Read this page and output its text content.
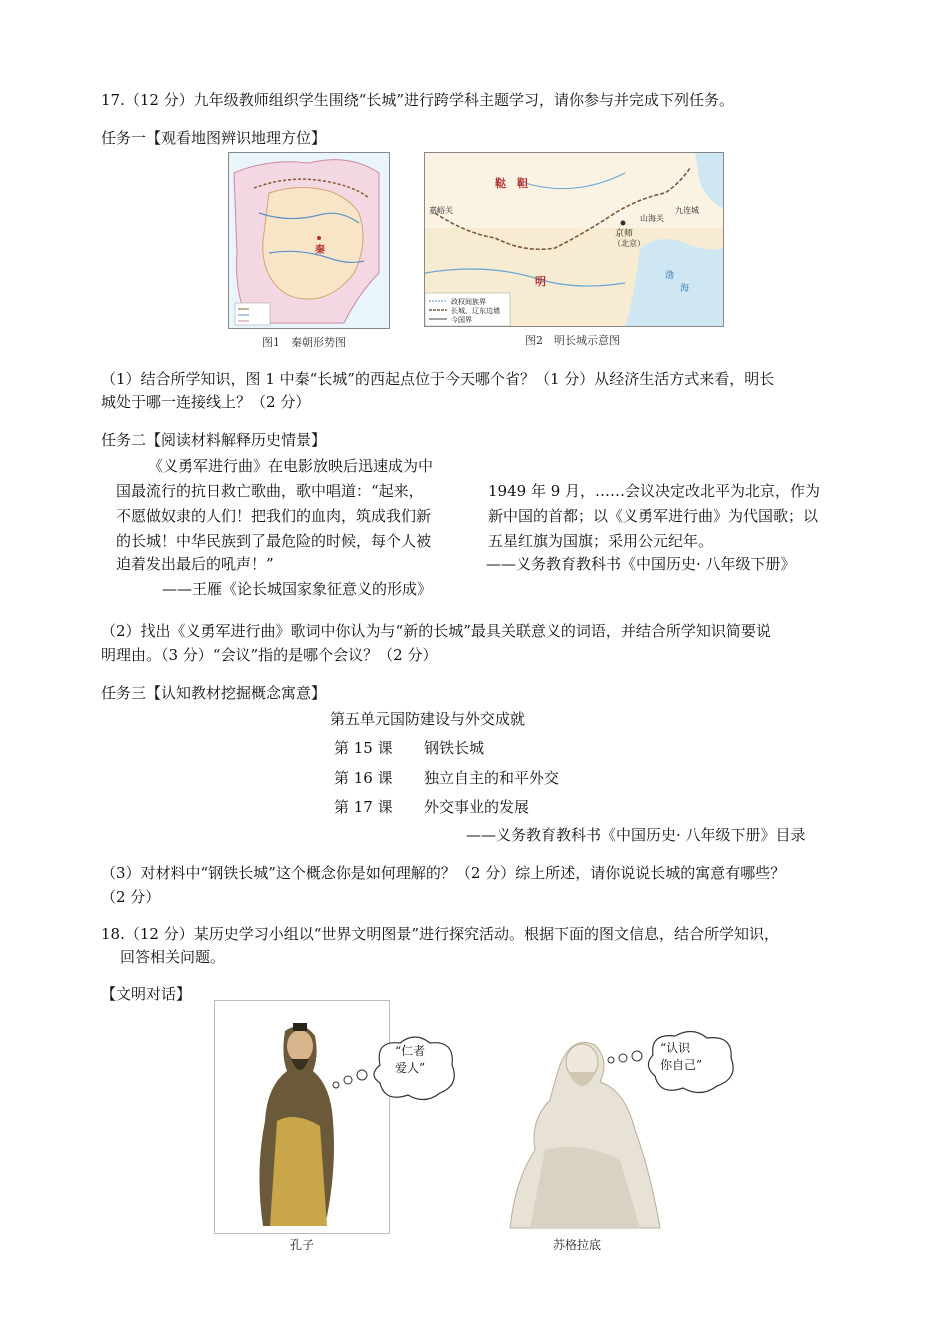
17.（12 分）九年级教师组织学生围绕“长城”进行跨学科主题学习，请你参与并完成下列任务。
任务一【观看地图辨识地理方位】
秦
图1　秦朝形势图
鞑　靼
明
京师
（北京）
渤
海
九连城
嘉峪关
山海关
政权间族界
长城、辽东边墙
今国界
图2　明长城示意图
（1）结合所学知识，图 1 中秦“长城”的西起点位于今天哪个省？（1 分）从经济生活方式来看，明长
城处于哪一连接线上？（2 分）
任务二【阅读材料解释历史情景】
《义勇军进行曲》在电影放映后迅速成为中
国最流行的抗日救亡歌曲，歌中唱道：“起来，
不愿做奴隶的人们！把我们的血肉，筑成我们新
的长城！中华民族到了最危险的时候，每个人被
迫着发出最后的吼声！”
——王雁《论长城国家象征意义的形成》
1949 年 9 月，……会议决定改北平为北京，作为
新中国的首都；以《义勇军进行曲》为代国歌；以
五星红旗为国旗；采用公元纪年。
——义务教育教科书《中国历史· 八年级下册》
（2）找出《义勇军进行曲》歌词中你认为与“新的长城”最具关联意义的词语，并结合所学知识简要说
明理由。（3 分）“会议”指的是哪个会议？（2 分）
任务三【认知教材挖掘概念寓意】
第五单元国防建设与外交成就
第 15 课 钢铁长城
第 16 课 独立自主的和平外交
第 17 课 外交事业的发展
——义务教育教科书《中国历史· 八年级下册》目录
（3）对材料中“钢铁长城”这个概念你是如何理解的？（2 分）综上所述，请你说说长城的寓意有哪些？
（2 分）
18.（12 分）某历史学习小组以“世界文明图景”进行探究活动。根据下面的图文信息，结合所学知识，
回答相关问题。
【文明对话】
“仁者
爱人”
孔子
“认识
你自己”
苏格拉底
